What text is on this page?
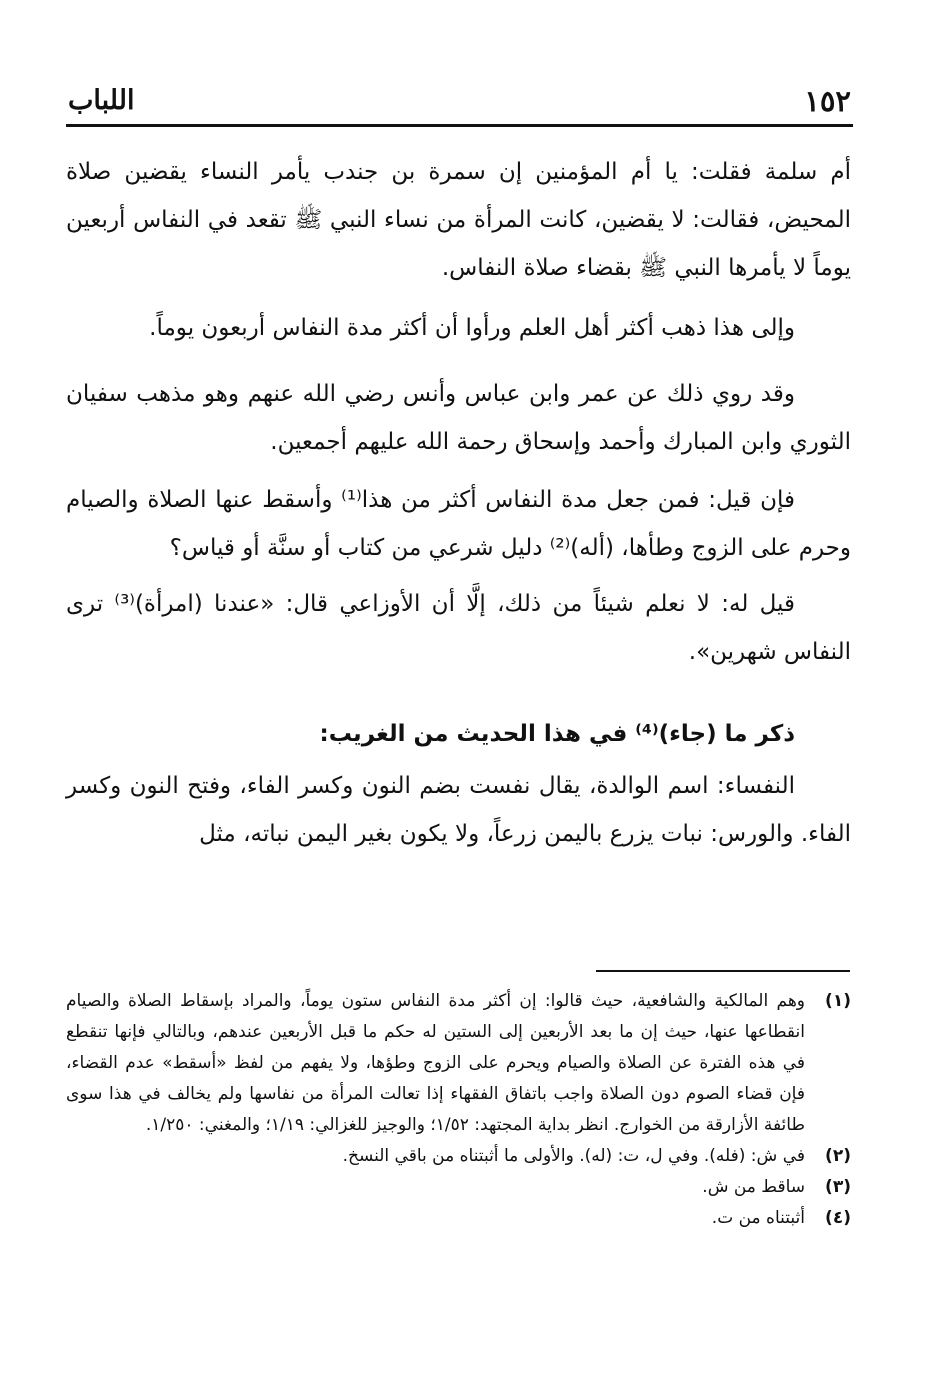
١٥٢
اللباب

أم سلمة فقلت: يا أم المؤمنين إن سمرة بن جندب يأمر النساء يقضين صلاة المحيض، فقالت: لا يقضين، كانت المرأة من نساء النبي ﷺ تقعد في النفاس أربعين يوماً لا يأمرها النبي ﷺ بقضاء صلاة النفاس.

وإلى هذا ذهب أكثر أهل العلم ورأوا أن أكثر مدة النفاس أربعون يوماً.

وقد روي ذلك عن عمر وابن عباس وأنس رضي الله عنهم وهو مذهب سفيان الثوري وابن المبارك وأحمد وإسحاق رحمة الله عليهم أجمعين.

فإن قيل: فمن جعل مدة النفاس أكثر من هذا⁽¹⁾ وأسقط عنها الصلاة والصيام وحرم على الزوج وطأها، (أله)⁽²⁾ دليل شرعي من كتاب أو سنَّة أو قياس؟

قيل له: لا نعلم شيئاً من ذلك، إلَّا أن الأوزاعي قال: «عندنا (امرأة)⁽³⁾ ترى النفاس شهرين».

ذكر ما (جاء)⁽⁴⁾ في هذا الحديث من الغريب:

النفساء: اسم الوالدة، يقال نفست بضم النون وكسر الفاء، وفتح النون وكسر الفاء. والورس: نبات يزرع باليمن زرعاً، ولا يكون بغير اليمن نباته، مثل

(١)
وهم المالكية والشافعية، حيث قالوا: إن أكثر مدة النفاس ستون يوماً، والمراد بإسقاط الصلاة والصيام انقطاعها عنها، حيث إن ما بعد الأربعين إلى الستين له حكم ما قبل الأربعين عندهم، وبالتالي فإنها تنقطع في هذه الفترة عن الصلاة والصيام ويحرم على الزوج وطؤها، ولا يفهم من لفظ «أسقط» عدم القضاء، فإن قضاء الصوم دون الصلاة واجب باتفاق الفقهاء إذا تعالت المرأة من نفاسها ولم يخالف في هذا سوى طائفة الأزارقة من الخوارج. انظر بداية المجتهد: ١/٥٢؛ والوجيز للغزالي: ١/١٩؛ والمغني: ١/٢٥٠.
(٢)
في ش: (فله). وفي ل، ت: (له). والأولى ما أثبتناه من باقي النسخ.
(٣)
ساقط من ش.
(٤)
أثبتناه من ت.
